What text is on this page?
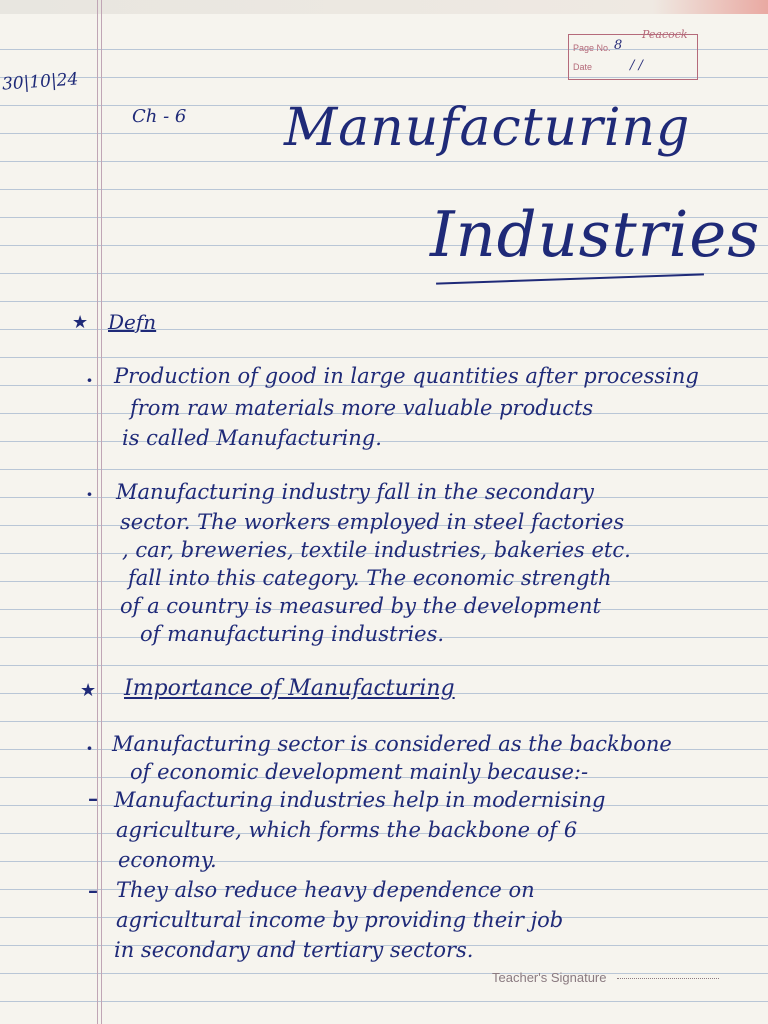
Peacock
Page No.
Date
8
/ /
30|10|24
Ch - 6 Manufacturing
Industries
★ Defn
· Production of good in large quantities after processing
from raw materials more valuable products
is called Manufacturing.
· Manufacturing industry fall in the secondary
sector. The workers employed in steel factories
, car, breweries, textile industries, bakeries etc.
fall into this category. The economic strength
of a country is measured by the development
of manufacturing industries.
★ Importance of Manufacturing
· Manufacturing sector is considered as the backbone
of economic development mainly because:-
– Manufacturing industries help in modernising
agriculture, which forms the backbone of 6
economy.
– They also reduce heavy dependence on
agricultural income by providing their job
in secondary and tertiary sectors.
Teacher's Signature
